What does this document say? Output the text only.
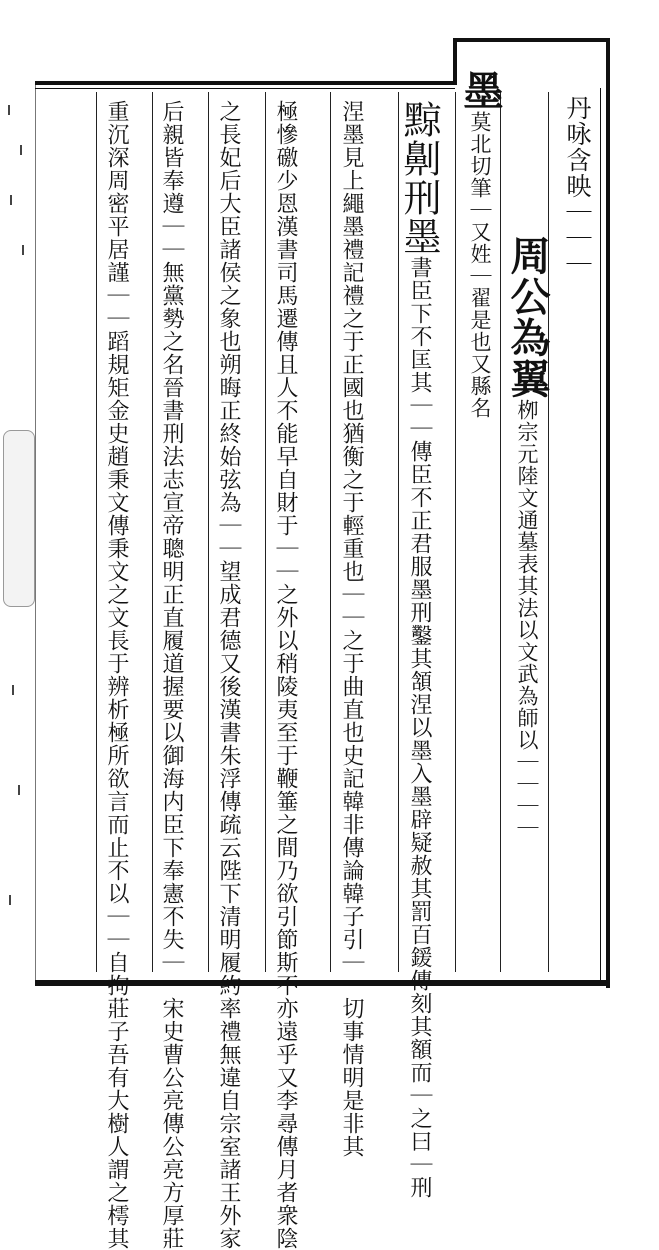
丹咏含映｜｜｜
周公為翼栁宗元陸文通墓表其法以文武為師以｜｜｜｜
墨莫北切筆｜又姓｜翟是也又縣名
黥劓刑墨書臣下不匡其｜｜傳臣不正君服墨刑鑿其頷涅以墨入墨辟疑赦其罰百鍰傳刻其額而｜之曰｜刑
涅墨見上繩墨禮記禮之于正國也猶衡之于輕重也｜｜之于曲直也史記韓非傳論韓子引｜｜切事情明是非其
極慘礉少恩漢書司馬遷傳且人不能早自財于｜｜之外以稍陵夷至于鞭箠之間乃欲引節斯不亦遠乎又李尋傳月者衆陰
之長妃后大臣諸侯之象也朔晦正終始弦為｜｜望成君德又後漢書朱浮傳疏云陛下清明履約率禮無違自宗室諸王外家
后親皆奉遵｜｜無黨勢之名晉書刑法志宣帝聰明正直履道握要以御海内臣下奉憲不失｜｜宋史曹公亮傳公亮方厚莊
重沉深周密平居謹｜｜蹈規矩金史趙秉文傳秉文之文長于辨析極所欲言而止不以｜｜自拘莊子吾有大樹人謂之樗其
